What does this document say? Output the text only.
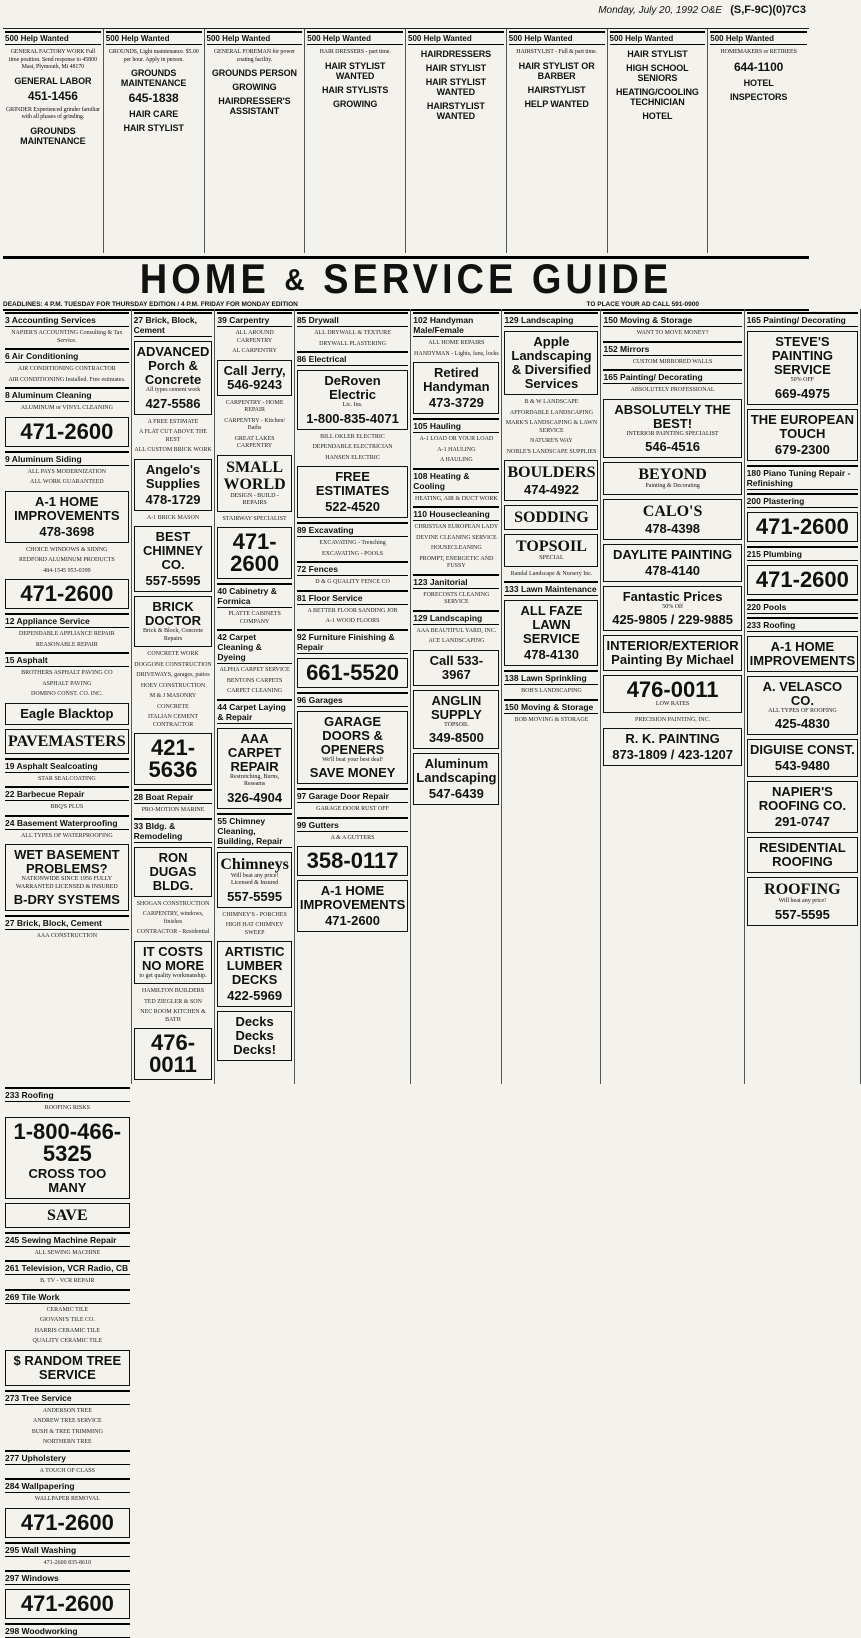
Monday, July 20, 1992 O&E (S,F-9C)(0)7C3
500 Help Wanted
GENERAL FACTORY WORK Full time position. Send response to 45800 Mast, Plymouth, Mi 48170
GENERAL LABOR
451-1456
GRINDER Experienced grinder familiar with all phases of grinding.
GROUNDS MAINTENANCE
500 Help Wanted
GROUNDS, Light maintenance. $5.00 per hour. Apply in person.
GROUNDS MAINTENANCE
645-1838
HAIR CARE
HAIR STYLIST
500 Help Wanted
GENERAL FOREMAN for power coating facility.
GROUNDS PERSON
GROWING
HAIRDRESSER'S ASSISTANT
500 Help Wanted
HAIR DRESSERS - part time.
HAIR STYLIST WANTED
HAIR STYLISTS
GROWING
500 Help Wanted
HAIRDRESSERS
HAIR STYLIST
HAIR STYLIST WANTED
HAIRSTYLIST WANTED
500 Help Wanted
HAIRSTYLIST - Full & part time.
HAIR STYLIST OR BARBER
HAIRSTYLIST
HELP WANTED
500 Help Wanted
HAIR STYLIST
HIGH SCHOOL SENIORS
HEATING/COOLING TECHNICIAN
HOTEL
500 Help Wanted
HOMEMAKERS or RETIREES
644-1100
HOTEL
INSPECTORS
HOME & SERVICE GUIDE
DEADLINES: 4 P.M. TUESDAY FOR THURSDAY EDITION / 4 P.M. FRIDAY FOR MONDAY EDITION	TO PLACE YOUR AD CALL 591-0900
3 Accounting Services
NAPIER'S ACCOUNTING Consulting & Tax Service.
6 Air Conditioning
AIR CONDITIONING CONTRACTOR
AIR CONDITIONING Installed. Free estimates.
8 Aluminum Cleaning
ALUMINUM or VINYL CLEANING
471-2600
9 Aluminum Siding
ALL PAYS MODERNIZATION
ALL WORK GUARANTEED
A-1 HOME IMPROVEMENTS
478-3698
CHOICE WINDOWS & SIDING
REDFORD ALUMINUM PRODUCTS
484-1545 953-0399
471-2600
12 Appliance Service
DEPENDABLE APPLIANCE REPAIR
REASONABLE REPAIR
15 Asphalt
BROTHERS ASPHALT PAVING CO
ASPHALT PAVING
DOMINO CONST. CO. INC.
Eagle Blacktop
PAVEMASTERS
19 Asphalt Sealcoating
STAR SEALCOATING
22 Barbecue Repair
BBQ'S PLUS
24 Basement Waterproofing
ALL TYPES OF WATERPROOFING
WET BASEMENT PROBLEMS?
NATIONWIDE SINCE 1956 FULLY WARRANTED LICENSED & INSURED
B-DRY SYSTEMS
27 Brick, Block, Cement
AAA CONSTRUCTION
27 Brick, Block, Cement
ADVANCED Porch & Concrete
All types cement work
427-5586
A FREE ESTIMATE
A FLAT CUT ABOVE THE REST
ALL CUSTOM BRICK WORK
Angelo's Supplies
478-1729
A-1 BRICK MASON
BEST CHIMNEY CO.
557-5595
BRICK DOCTOR
Brick & Block, Concrete Repairs
CONCRETE WORK
DOGGONE CONSTRUCTION
DRIVEWAYS, garages, patios
HOEY CONSTRUCTION
M & J MASONRY
CONCRETE
ITALIAN CEMENT CONTRACTOR
421-5636
28 Boat Repair
PRO-MOTION MARINE
33 Bldg. & Remodeling
RON DUGAS BLDG.
SHOGAN CONSTRUCTION
CARPENTRY, windows, finishes
CONTRACTOR - Residential
IT COSTS NO MORE
to get quality workmanship.
HAMILTON BUILDERS
TED ZIEGLER & SON
NEC ROOM KITCHEN & BATH
476-0011
39 Carpentry
ALL AROUND CARPENTRY
AL CARPENTRY
Call Jerry, 546-9243
CARPENTRY - HOME REPAIR
CARPENTRY - Kitchen/ Baths
GREAT LAKES CARPENTRY
SMALL WORLD
DESIGN - BUILD - REPAIRS
STAIRWAY SPECIALIST
471-2600
40 Cabinetry & Formica
PLATTE CABINETS COMPANY
42 Carpet Cleaning & Dyeing
ALPHA CARPET SERVICE
BENTONS CARPETS
CARPET CLEANING
44 Carpet Laying & Repair
AAA CARPET REPAIR
Restretching, Burns, Reseams
326-4904
55 Chimney Cleaning, Building, Repair
Chimneys
Will beat any price! Licensed & Insured
557-5595
CHIMNEY'S - PORCHES
HIGH HAT CHIMNEY SWEEP
ARTISTIC LUMBER DECKS
422-5969
Decks Decks Decks!
85 Drywall
ALL DRYWALL & TEXTURE
DRYWALL PLASTERING
86 Electrical
DeRoven Electric
Lic. Ins.
1-800-835-4071
BILL OKLER ELECTRIC
DEPENDABLE ELECTRICIAN
HANSEN ELECTRIC
FREE ESTIMATES
522-4520
89 Excavating
EXCAVATING - Trenching
EXCAVATING - POOLS
72 Fences
D & G QUALITY FENCE CO
81 Floor Service
A BETTER FLOOR SANDING JOB
A-1 WOOD FLOORS
92 Furniture Finishing & Repair
661-5520
96 Garages
GARAGE DOORS & OPENERS
We'll beat your best deal!
SAVE MONEY
97 Garage Door Repair
GARAGE DOOR RUST OFF
99 Gutters
A & A GUTTERS
358-0117
A-1 HOME IMPROVEMENTS
471-2600
102 Handyman Male/Female
ALL HOME REPAIRS
HANDYMAN - Lights, fans, locks
Retired Handyman
473-3729
105 Hauling
A-1 LOAD OR YOUR LOAD
A-1 HAULING
A HAULING
108 Heating & Cooling
HEATING, AIR & DUCT WORK
110 Housecleaning
CHRISTIAN EUROPEAN LADY
DEVINE CLEANING SERVICE
HOUSECLEANING
PROMPT, ENERGETIC AND FUSSY
123 Janitorial
FORECOSTS CLEANING SERVICE
129 Landscaping
AAA BEAUTIFUL YARD, INC.
ACE LANDSCAPING
Call 533-3967
ANGLIN SUPPLY
TOPSOIL
349-8500
Aluminum Landscaping
547-6439
129 Landscaping
Apple Landscaping & Diversified Services
B & W LANDSCAPE
AFFORDABLE LANDSCAPING
MARK'S LANDSCAPING & LAWN SERVICE
NATURE'S WAY
NOBLE'S LANDSCAPE SUPPLIES
BOULDERS
474-4922
SODDING
TOPSOIL
SPECIAL
Randal Landscape & Nursery Inc.
133 Lawn Maintenance
ALL FAZE LAWN SERVICE
478-4130
138 Lawn Sprinkling
BOB'S LANDSCAPING
150 Moving & Storage
BOB MOVING & STORAGE
150 Moving & Storage
WANT TO MOVE MONEY?
152 Mirrors
CUSTOM MIRRORED WALLS
165 Painting/ Decorating
ABSOLUTELY PROFESSIONAL
ABSOLUTELY THE BEST!
INTERIOR PAINTING SPECIALIST
546-4516
BEYOND
Painting & Decorating
CALO'S
478-4398
DAYLITE PAINTING
478-4140
Fantastic Prices
50% Off
425-9805 / 229-9885
INTERIOR/EXTERIOR Painting By Michael
476-0011
LOW RATES
PRECISION PAINTING, INC.
R. K. PAINTING
873-1809 / 423-1207
165 Painting/ Decorating
STEVE'S PAINTING SERVICE
50% OFF
669-4975
THE EUROPEAN TOUCH
679-2300
180 Piano Tuning Repair - Refinishing
200 Plastering
471-2600
215 Plumbing
471-2600
220 Pools
233 Roofing
A-1 HOME IMPROVEMENTS
A. VELASCO CO.
ALL TYPES OF ROOFING
425-4830
DIGUISE CONST.
543-9480
NAPIER'S ROOFING CO.
291-0747
RESIDENTIAL ROOFING
ROOFING
Will beat any price!
557-5595
233 Roofing
ROOFING RISKS
1-800-466-5325
CROSS TOO MANY
SAVE
245 Sewing Machine Repair
ALL SEWING MACHINE
261 Television, VCR Radio, CB
B. TV - VCR REPAIR
269 Tile Work
CERAMIC TILE
GIOVANI'S TILE CO.
HARRIS CERAMIC TILE
QUALITY CERAMIC TILE
$ RANDOM TREE SERVICE
273 Tree Service
ANDERSON TREE
ANDREW TREE SERVICE
BUSH & TREE TRIMMING
NORTHERN TREE
277 Upholstery
A TOUCH OF CLASS
284 Wallpapering
WALLPAPER REMOVAL
471-2600
295 Wall Washing
471-2600 835-8610
297 Windows
471-2600
298 Woodworking
